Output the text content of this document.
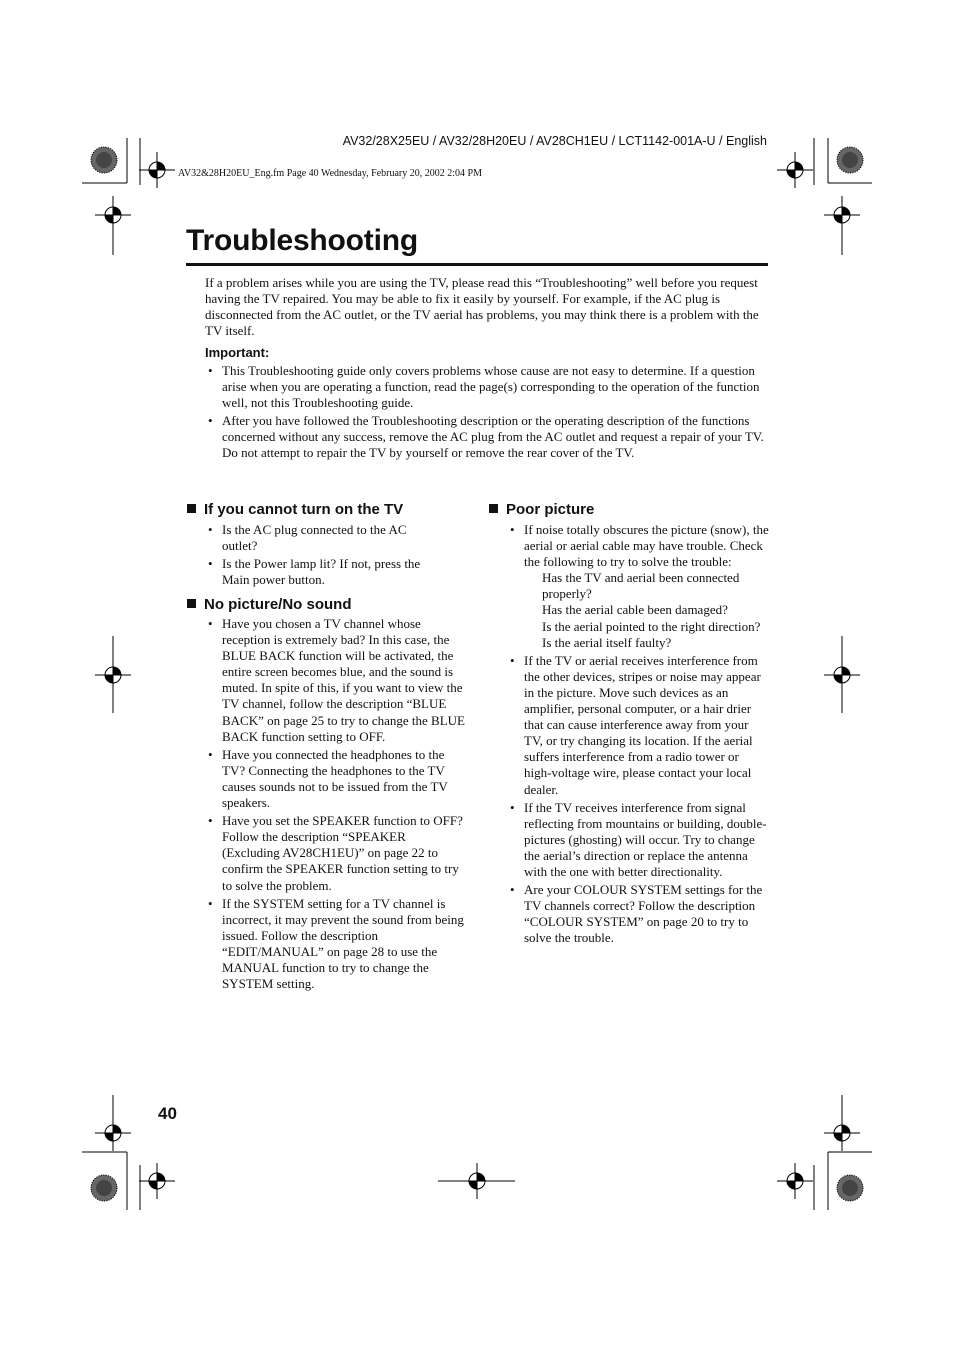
AV32/28X25EU / AV32/28H20EU / AV28CH1EU / LCT1142-001A-U / English
AV32&28H20EU_Eng.fm Page 40 Wednesday, February 20, 2002 2:04 PM
Troubleshooting
If a problem arises while you are using the TV, please read this “Troubleshooting” well before you request having the TV repaired. You may be able to fix it easily by yourself. For example, if the AC plug is disconnected from the AC outlet, or the TV aerial has problems, you may think there is a problem with the TV itself.
Important:
• This Troubleshooting guide only covers problems whose cause are not easy to determine. If a question arise when you are operating a function, read the page(s) corresponding to the operation of the function well, not this Troubleshooting guide.
• After you have followed the Troubleshooting description or the operating description of the functions concerned without any success, remove the AC plug from the AC outlet and request a repair of your TV. Do not attempt to repair the TV by yourself or remove the rear cover of the TV.
If you cannot turn on the TV
• Is the AC plug connected to the AC outlet?
• Is the Power lamp lit? If not, press the Main power button.
No picture/No sound
• Have you chosen a TV channel whose reception is extremely bad? In this case, the BLUE BACK function will be activated, the entire screen becomes blue, and the sound is muted. In spite of this, if you want to view the TV channel, follow the description “BLUE BACK” on page 25 to try to change the BLUE BACK function setting to OFF.
• Have you connected the headphones to the TV? Connecting the headphones to the TV causes sounds not to be issued from the TV speakers.
• Have you set the SPEAKER function to OFF? Follow the description “SPEAKER (Excluding AV28CH1EU)” on page 22 to confirm the SPEAKER function setting to try to solve the problem.
• If the SYSTEM setting for a TV channel is incorrect, it may prevent the sound from being issued. Follow the description “EDIT/MANUAL” on page 28 to use the MANUAL function to try to change the SYSTEM setting.
Poor picture
• If noise totally obscures the picture (snow), the aerial or aerial cable may have trouble. Check the following to try to solve the trouble:
Has the TV and aerial been connected properly?
Has the aerial cable been damaged?
Is the aerial pointed to the right direction?
Is the aerial itself faulty?
• If the TV or aerial receives interference from the other devices, stripes or noise may appear in the picture. Move such devices as an amplifier, personal computer, or a hair drier that can cause interference away from your TV, or try changing its location. If the aerial suffers interference from a radio tower or high-voltage wire, please contact your local dealer.
• If the TV receives interference from signal reflecting from mountains or building, double-pictures (ghosting) will occur. Try to change the aerial’s direction or replace the antenna with the one with better directionality.
• Are your COLOUR SYSTEM settings for the TV channels correct? Follow the description “COLOUR SYSTEM” on page 20 to try to solve the trouble.
40
